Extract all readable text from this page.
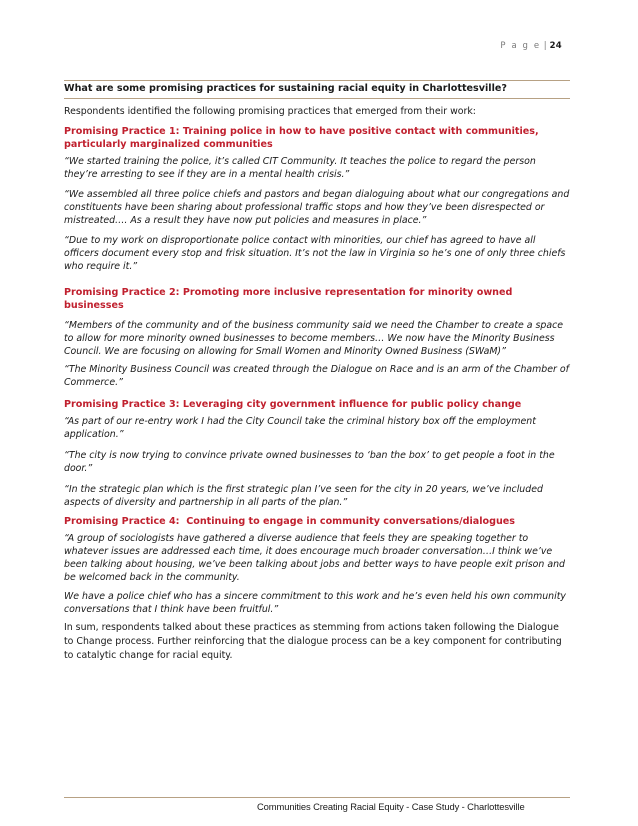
P a g e | 24
What are some promising practices for sustaining racial equity in Charlottesville?

Respondents identified the following promising practices that emerged from their work:

Promising Practice 1: Training police in how to have positive contact with communities, particularly marginalized communities

“We started training the police, it’s called CIT Community. It teaches the police to regard the person they’re arresting to see if they are in a mental health crisis.”

“We assembled all three police chiefs and pastors and began dialoguing about what our congregations and constituents have been sharing about professional traffic stops and how they’ve been disrespected or mistreated…. As a result they have now put policies and measures in place.”

“Due to my work on disproportionate police contact with minorities, our chief has agreed to have all officers document every stop and frisk situation. It’s not the law in Virginia so he’s one of only three chiefs who require it.”

Promising Practice 2: Promoting more inclusive representation for minority owned businesses

“Members of the community and of the business community said we need the Chamber to create a space to allow for more minority owned businesses to become members… We now have the Minority Business Council. We are focusing on allowing for Small Women and Minority Owned Business (SWaM)”

“The Minority Business Council was created through the Dialogue on Race and is an arm of the Chamber of Commerce.”

Promising Practice 3: Leveraging city government influence for public policy change

“As part of our re-entry work I had the City Council take the criminal history box off the employment application.”

“The city is now trying to convince private owned businesses to ‘ban the box’ to get people a foot in the door.”

“In the strategic plan which is the first strategic plan I’ve seen for the city in 20 years, we’ve included aspects of diversity and partnership in all parts of the plan.”

Promising Practice 4:  Continuing to engage in community conversations/dialogues

“A group of sociologists have gathered a diverse audience that feels they are speaking together to whatever issues are addressed each time, it does encourage much broader conversation…I think we’ve been talking about housing, we’ve been talking about jobs and better ways to have people exit prison and be welcomed back in the community.

We have a police chief who has a sincere commitment to this work and he’s even held his own community conversations that I think have been fruitful.”

In sum, respondents talked about these practices as stemming from actions taken following the Dialogue to Change process. Further reinforcing that the dialogue process can be a key component for contributing to catalytic change for racial equity.

Communities Creating Racial Equity - Case Study - Charlottesville
